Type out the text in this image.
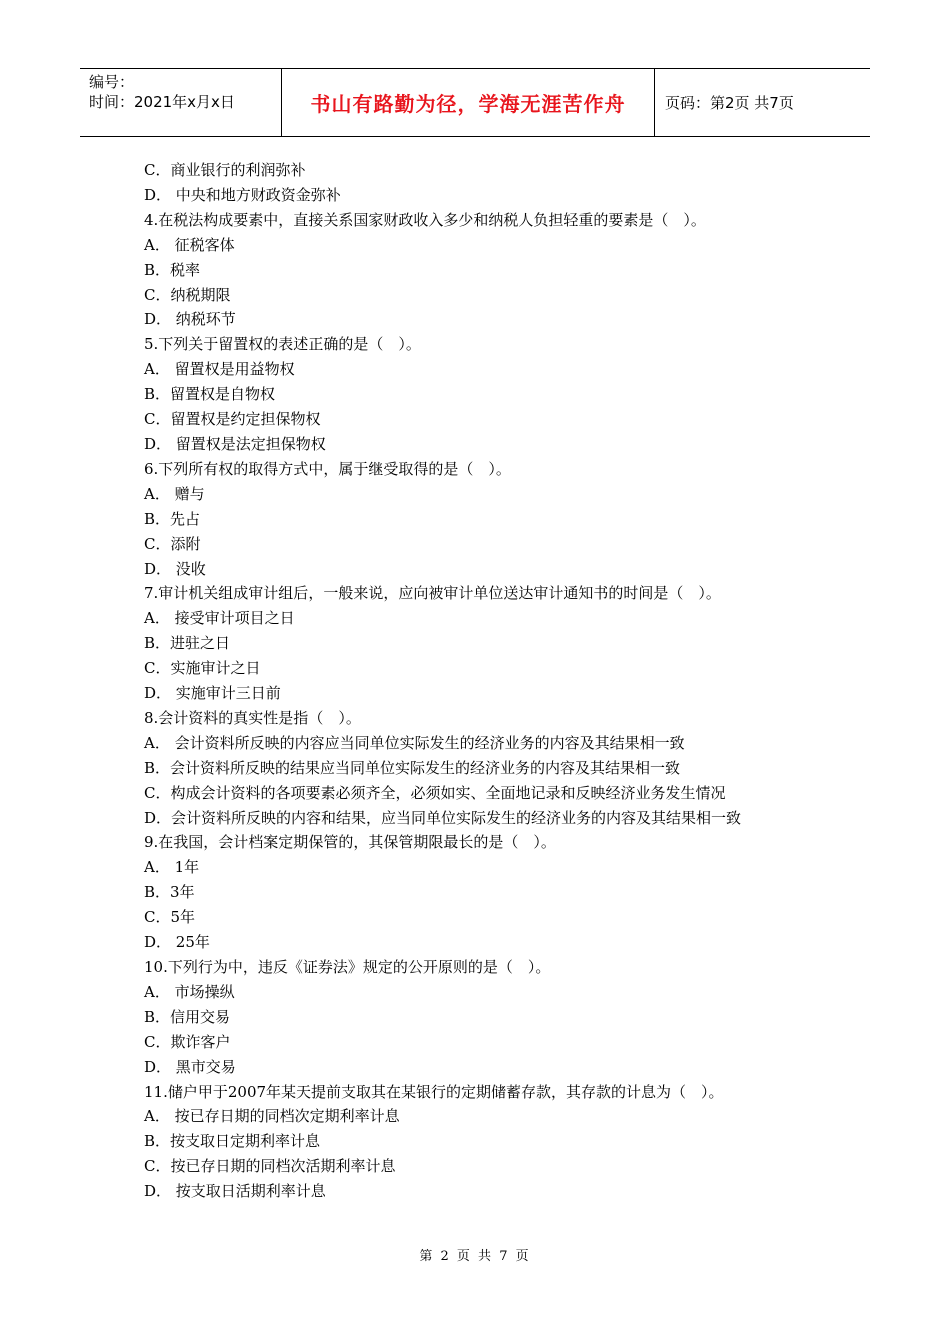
编号：
时间：2021年x月x日	书山有路勤为径，学海无涯苦作舟	页码：第2页 共7页
C．商业银行的利润弥补
D． 中央和地方财政资金弥补
4.在税法构成要素中，直接关系国家财政收入多少和纳税人负担轻重的要素是（　）。
A． 征税客体
B．税率
C．纳税期限
D． 纳税环节
5.下列关于留置权的表述正确的是（　）。
A． 留置权是用益物权
B．留置权是自物权
C．留置权是约定担保物权
D． 留置权是法定担保物权
6.下列所有权的取得方式中，属于继受取得的是（　）。
A． 赠与
B．先占
C．添附
D． 没收
7.审计机关组成审计组后，一般来说，应向被审计单位送达审计通知书的时间是（　）。
A． 接受审计项目之日
B．进驻之日
C．实施审计之日
D． 实施审计三日前
8.会计资料的真实性是指（　）。
A． 会计资料所反映的内容应当同单位实际发生的经济业务的内容及其结果相一致
B．会计资料所反映的结果应当同单位实际发生的经济业务的内容及其结果相一致
C．构成会计资料的各项要素必须齐全，必须如实、全面地记录和反映经济业务发生情况
D．会计资料所反映的内容和结果，应当同单位实际发生的经济业务的内容及其结果相一致
9.在我国，会计档案定期保管的，其保管期限最长的是（　）。
A． 1年
B．3年
C．5年
D． 25年
10.下列行为中，违反《证券法》规定的公开原则的是（　）。
A． 市场操纵
B．信用交易
C．欺诈客户
D． 黑市交易
11.储户甲于2007年某天提前支取其在某银行的定期储蓄存款，其存款的计息为（　）。
A． 按已存日期的同档次定期利率计息
B．按支取日定期利率计息
C．按已存日期的同档次活期利率计息
D． 按支取日活期利率计息
第 2 页 共 7 页
